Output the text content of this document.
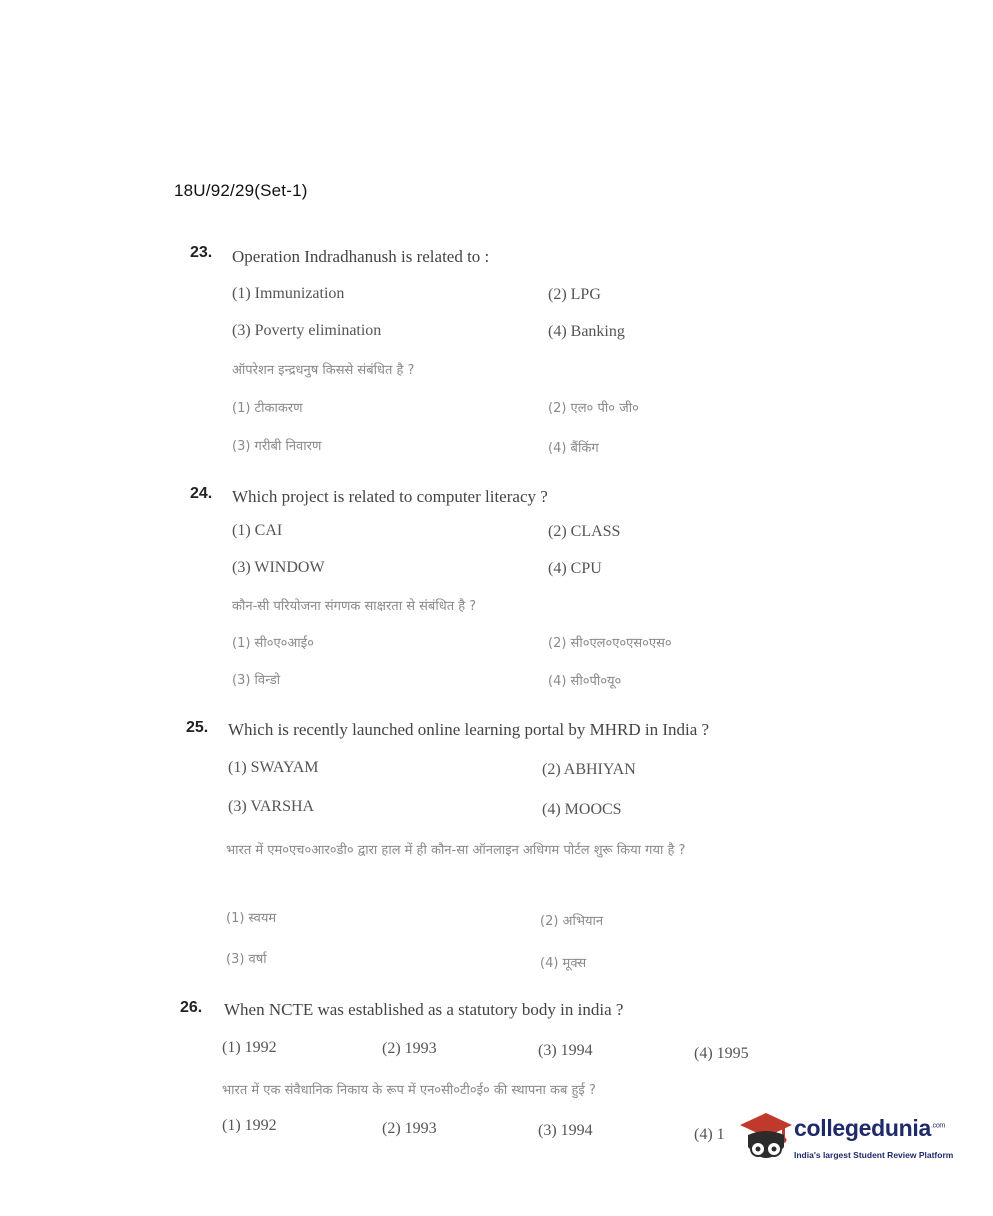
18U/92/29(Set-1)
23. Operation Indradhanush is related to :
(1) Immunization	(2) LPG
(3) Poverty elimination	(4) Banking
ऑपरेशन इन्द्रधनुष किससे संबंधित है ?
(1) टीकाकरण	(2) एल० पी० जी०
(3) गरीबी निवारण	(4) बैंकिंग
24. Which project is related to computer literacy ?
(1) CAI	(2) CLASS
(3) WINDOW	(4) CPU
कौन-सी परियोजना संगणक साक्षरता से संबंधित है ?
(1) सी०ए०आई०	(2) सी०एल०ए०एस०एस०
(3) विन्डो	(4) सी०पी०यू०
25. Which is recently launched online learning portal by MHRD in India ?
(1) SWAYAM	(2) ABHIYAN
(3) VARSHA	(4) MOOCS
भारत में एम०एच०आर०डी० द्वारा हाल में ही कौन-सा ऑनलाइन अधिगम पोर्टल शुरू किया गया है ?
(1) स्वयम	(2) अभियान
(3) वर्षा	(4) मूक्स
26. When NCTE was established as a statutory body in india ?
(1) 1992	(2) 1993	(3) 1994	(4) 1995
भारत में एक संवैधानिक निकाय के रूप में एन०सी०टी०ई० की स्थापना कब हुई ?
(1) 1992	(2) 1993	(3) 1994	(4) 1	collegedunia$^{.com}$
India's largest Student Review Platform
